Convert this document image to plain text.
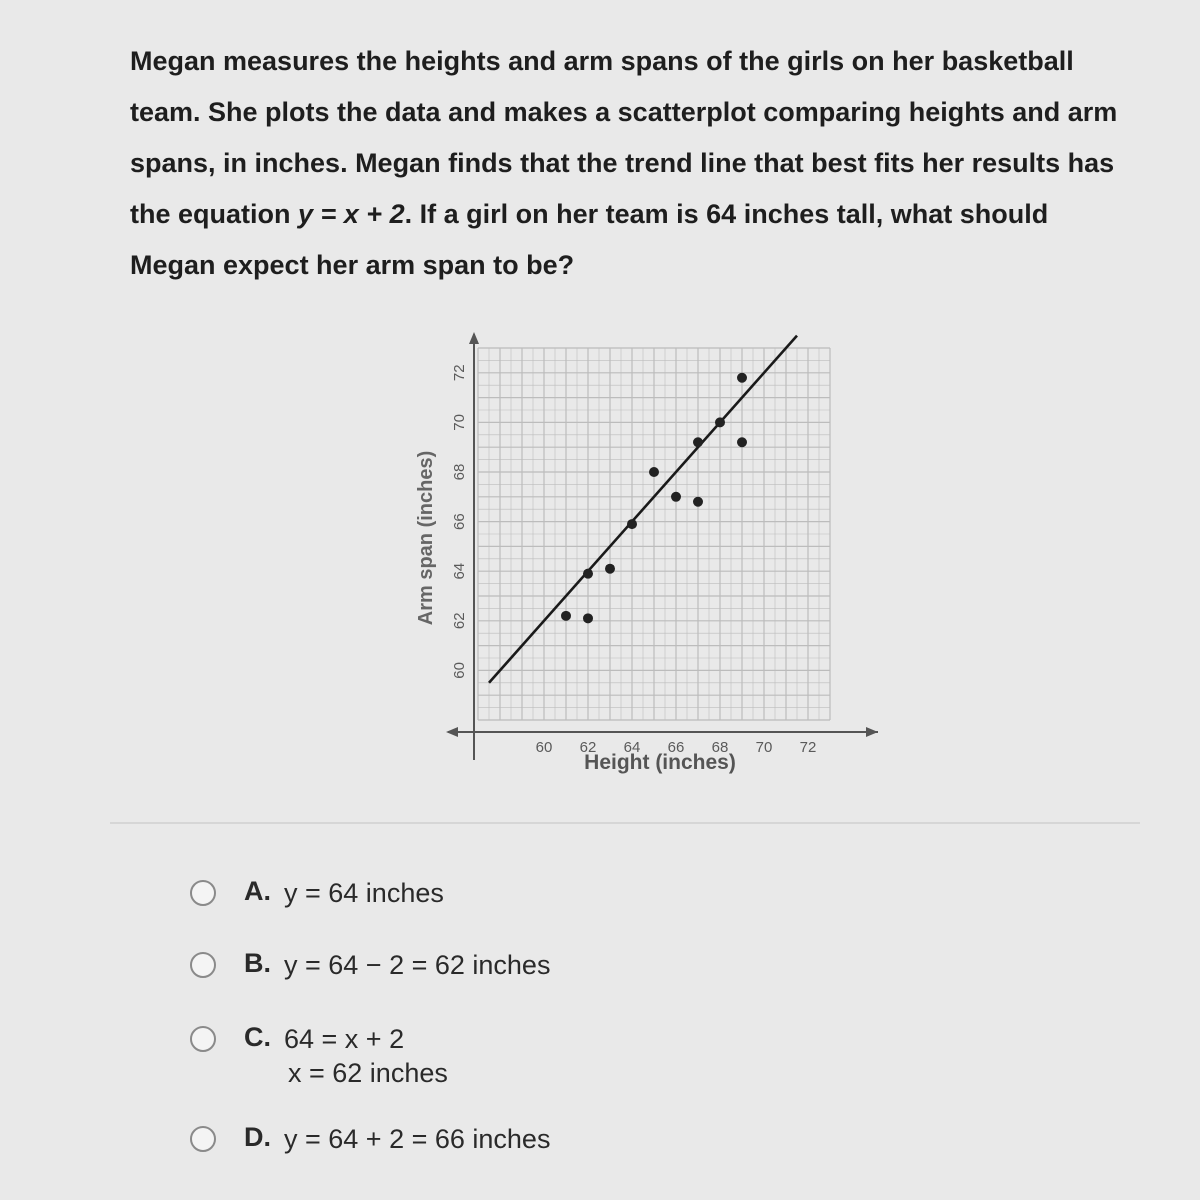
Megan measures the heights and arm spans of the girls on her basketball
team. She plots the data and makes a scatterplot comparing heights and arm
spans, in inches. Megan finds that the trend line that best fits her results has
the equation y = x + 2. If a girl on her team is 64 inches tall, what should
Megan expect her arm span to be?
60 62 64 66 68 70 72
60
62
64
66
68
70
72
Height (inches)
Arm span (inches)
A. y = 64 inches
B. y = 64 − 2 = 62 inches
C. 64 = x + 2
x = 62 inches
D. y = 64 + 2 = 66 inches
